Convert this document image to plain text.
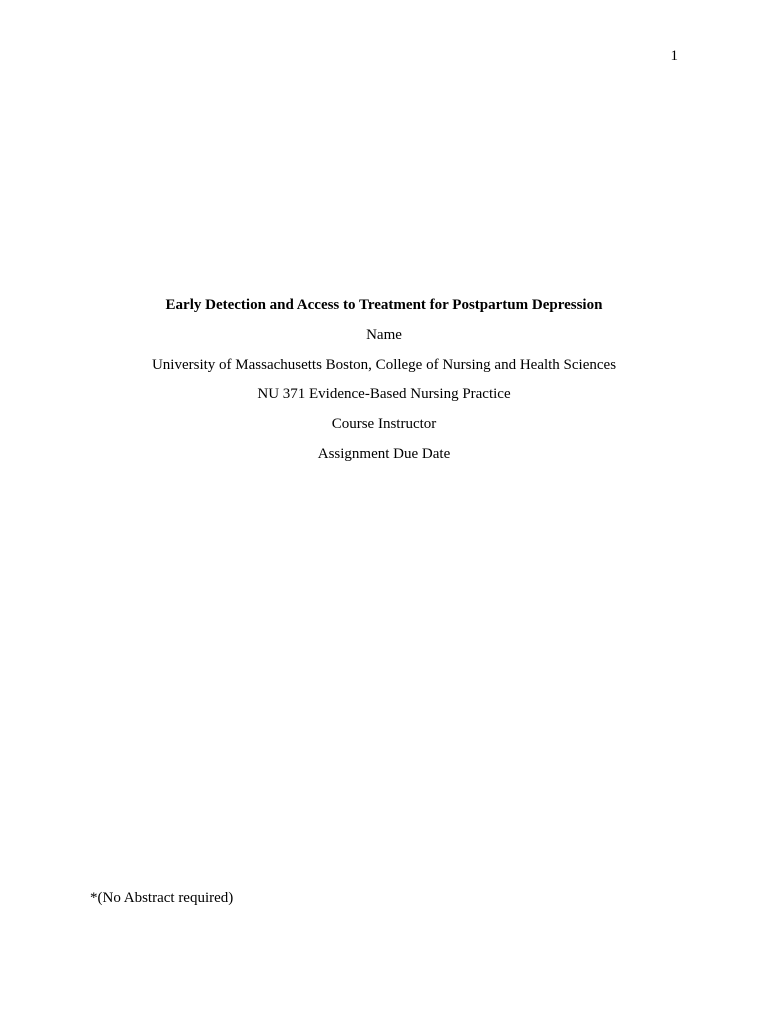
1
Early Detection and Access to Treatment for Postpartum Depression
Name
University of Massachusetts Boston, College of Nursing and Health Sciences
NU 371 Evidence-Based Nursing Practice
Course Instructor
Assignment Due Date
*(No Abstract required)
